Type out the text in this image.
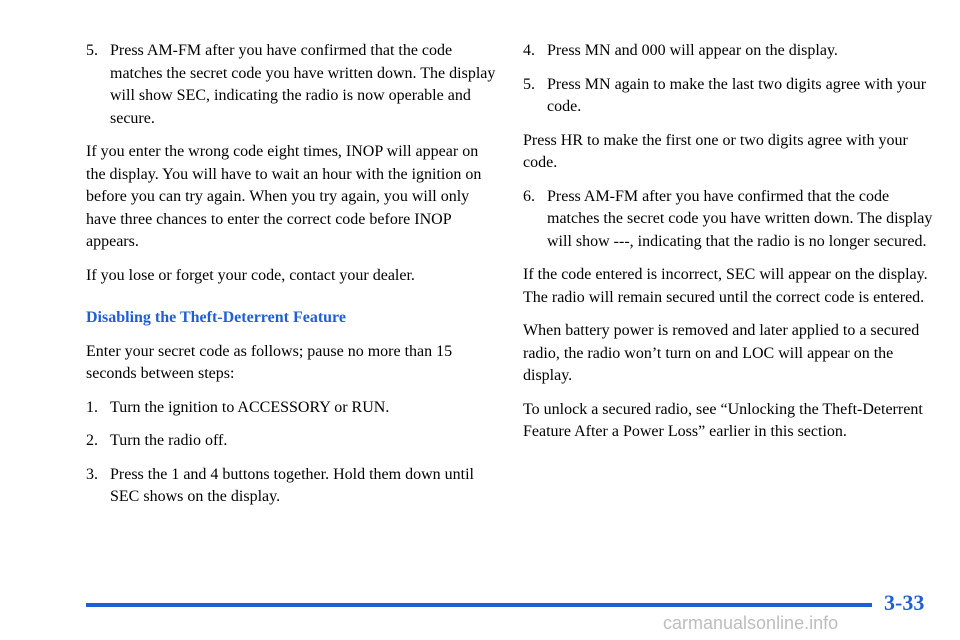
5. Press AM‐FM after you have confirmed that the code matches the secret code you have written down. The display will show SEC, indicating the radio is now operable and secure.

If you enter the wrong code eight times, INOP will appear on the display. You will have to wait an hour with the ignition on before you can try again. When you try again, you will only have three chances to enter the correct code before INOP appears.

If you lose or forget your code, contact your dealer.

Disabling the Theft‐Deterrent Feature

Enter your secret code as follows; pause no more than 15 seconds between steps:

1. Turn the ignition to ACCESSORY or RUN.
2. Turn the radio off.
3. Press the 1 and 4 buttons together. Hold them down until SEC shows on the display.
4. Press MN and 000 will appear on the display.
5. Press MN again to make the last two digits agree with your code.

Press HR to make the first one or two digits agree with your code.

6. Press AM‐FM after you have confirmed that the code matches the secret code you have written down. The display will show ‐‐‐, indicating that the radio is no longer secured.

If the code entered is incorrect, SEC will appear on the display. The radio will remain secured until the correct code is entered.

When battery power is removed and later applied to a secured radio, the radio won’t turn on and LOC will appear on the display.

To unlock a secured radio, see “Unlocking the Theft‐Deterrent Feature After a Power Loss” earlier in this section.

3-33
carmanualsonline.info
